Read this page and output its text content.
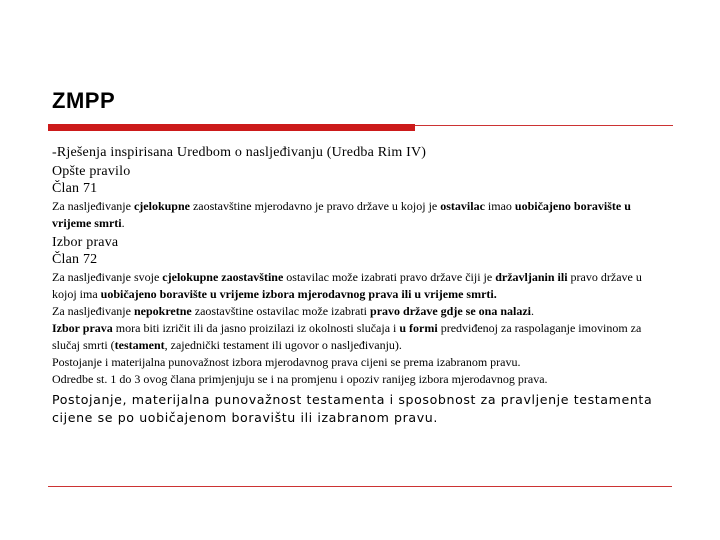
ZMPP
-Rješenja inspirisana Uredbom o nasljeđivanju (Uredba Rim IV)
Opšte pravilo
Član 71
Za nasljeđivanje cjelokupne zaostavštine mjerodavno je pravo države u kojoj je ostavilac imao uobičajeno boravište u vrijeme smrti.
Izbor prava
Član 72
Za nasljeđivanje svoje cjelokupne zaostavštine ostavilac može izabrati pravo države čiji je državljanin ili pravo države u kojoj ima uobičajeno boravište u vrijeme izbora mjerodavnog prava ili u vrijeme smrti.
Za nasljeđivanje nepokretne zaostavštine ostavilac može izabrati pravo države gdje se ona nalazi.
Izbor prava mora biti izričit ili da jasno proizilazi iz okolnosti slučaja i u formi predviđenoj za raspolaganje imovinom za slučaj smrti (testament, zajednički testament ili ugovor o nasljeđivanju).
Postojanje i materijalna punovažnost izbora mjerodavnog prava cijeni se prema izabranom pravu.
Odredbe st. 1 do 3 ovog člana primjenjuju se i na promjenu i opoziv ranijeg izbora mjerodavnog prava.
Postojanje, materijalna punovažnost testamenta i sposobnost za pravljenje testamenta cijene se po uobičajenom boravištu ili izabranom pravu.
